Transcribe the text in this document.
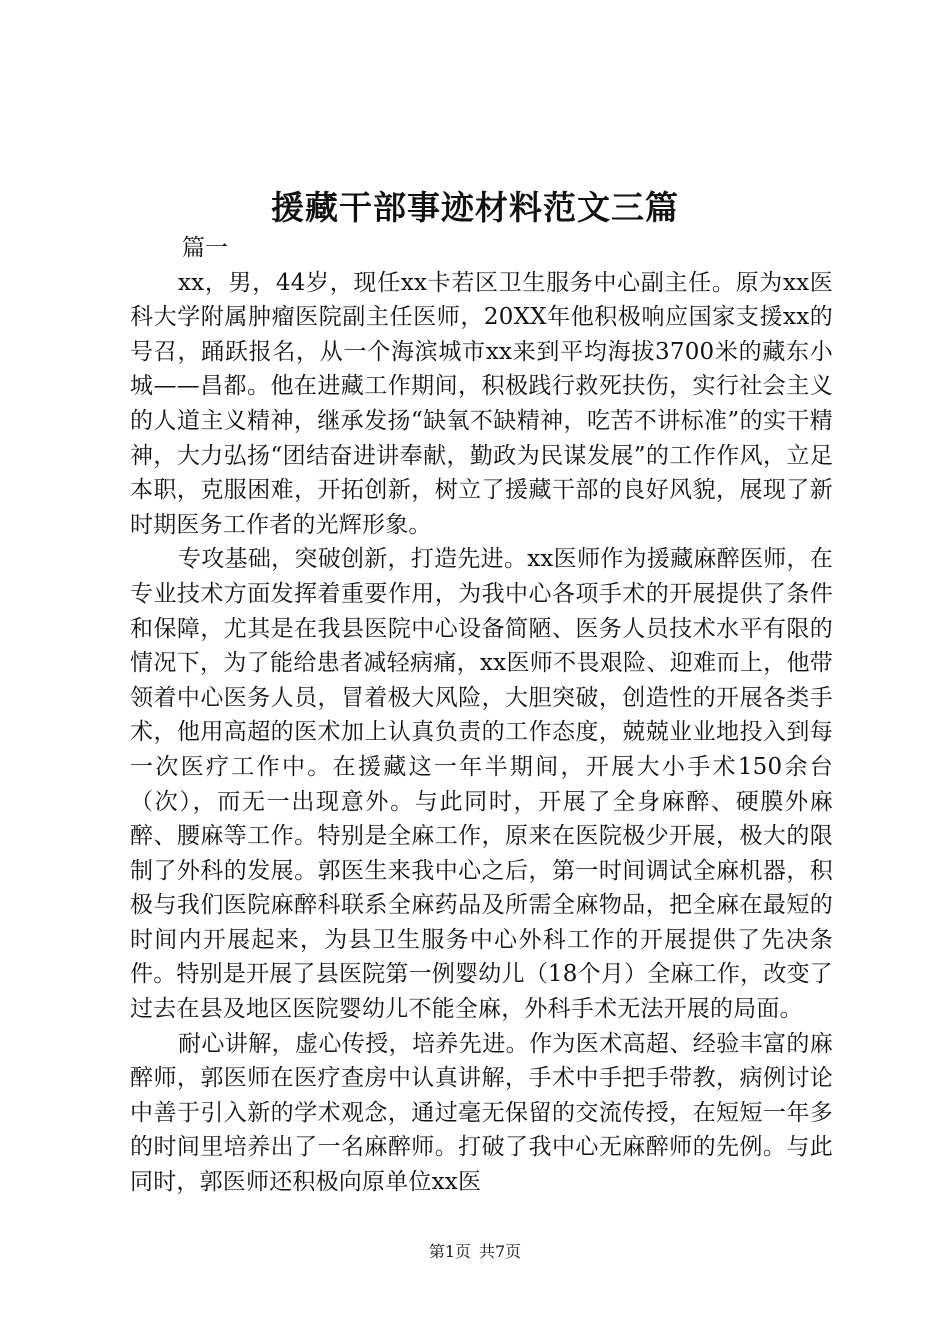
援藏干部事迹材料范文三篇

篇一

xx，男，44岁，现任xx卡若区卫生服务中心副主任。原为xx医科大学附属肿瘤医院副主任医师，20XX年他积极响应国家支援xx的号召，踊跃报名，从一个海滨城市xx来到平均海拔3700米的藏东小城——昌都。他在进藏工作期间，积极践行救死扶伤，实行社会主义的人道主义精神，继承发扬“缺氧不缺精神，吃苦不讲标准”的实干精神，大力弘扬“团结奋进讲奉献，勤政为民谋发展”的工作作风，立足本职，克服困难，开拓创新，树立了援藏干部的良好风貌，展现了新时期医务工作者的光辉形象。

专攻基础，突破创新，打造先进。xx医师作为援藏麻醉医师，在专业技术方面发挥着重要作用，为我中心各项手术的开展提供了条件和保障，尤其是在我县医院中心设备简陋、医务人员技术水平有限的情况下，为了能给患者减轻病痛，xx医师不畏艰险、迎难而上，他带领着中心医务人员，冒着极大风险，大胆突破，创造性的开展各类手术，他用高超的医术加上认真负责的工作态度，兢兢业业地投入到每一次医疗工作中。在援藏这一年半期间，开展大小手术150余台（次），而无一出现意外。与此同时，开展了全身麻醉、硬膜外麻醉、腰麻等工作。特别是全麻工作，原来在医院极少开展，极大的限制了外科的发展。郭医生来我中心之后，第一时间调试全麻机器，积极与我们医院麻醉科联系全麻药品及所需全麻物品，把全麻在最短的时间内开展起来，为县卫生服务中心外科工作的开展提供了先决条件。特别是开展了县医院第一例婴幼儿（18个月）全麻工作，改变了过去在县及地区医院婴幼儿不能全麻，外科手术无法开展的局面。

耐心讲解，虚心传授，培养先进。作为医术高超、经验丰富的麻醉师，郭医师在医疗查房中认真讲解，手术中手把手带教，病例讨论中善于引入新的学术观念，通过毫无保留的交流传授，在短短一年多的时间里培养出了一名麻醉师。打破了我中心无麻醉师的先例。与此同时，郭医师还积极向原单位xx医

第1页 共7页
